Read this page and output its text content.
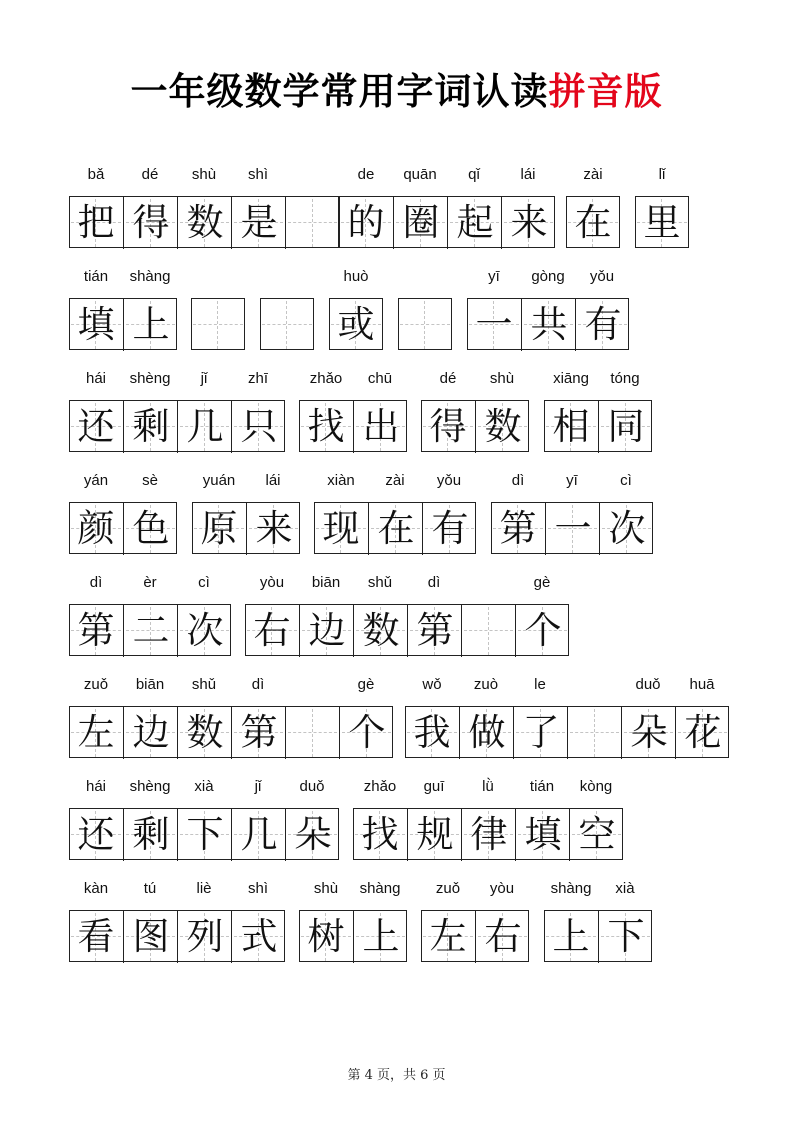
一年级数学常用字词认读拼音版
bǎ	dé	shù	shì
把 得 数 是
de	quān	qǐ	lái
的 圈 起 来
zài
在
lǐ
里
tián	shàng
填 上
huò
或
yī	gòng	yǒu
一 共 有
hái	shèng	jǐ	zhī
还 剩 几 只
zhǎo	chū
找 出
dé	shù
得 数
xiāng	tóng
相 同
yán	sè
颜 色
yuán	lái
原 来
xiàn	zài	yǒu
现 在 有
dì	yī	cì
第 一 次
dì	èr	cì
第 二 次
yòu	biān	shǔ	dì	gè
右 边 数 第 个
zuǒ	biān	shǔ	dì	gè
左 边 数 第 个
wǒ	zuò	le	duǒ	huā
我 做 了 朵 花
hái	shèng	xià	jǐ	duǒ
还 剩 下 几 朵
zhǎo	guī	lǜ	tián	kòng
找 规 律 填 空
kàn	tú	liè	shì
看 图 列 式
shù	shàng
树 上
zuǒ	yòu
左 右
shàng	xià
上 下
第 4 页，共 6 页
